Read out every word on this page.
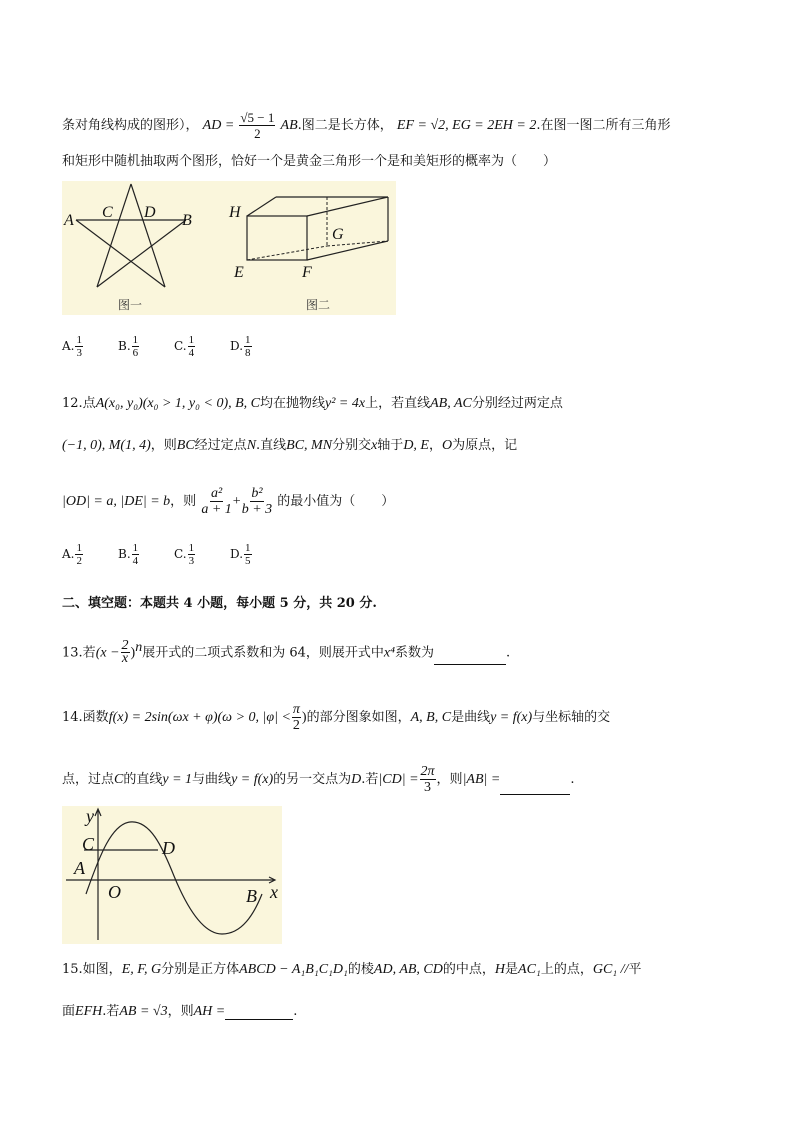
条对角线构成的图形）， AD = $\frac{√5 - 1}{2}$ AB.图二是长方体， EF = √2, EG = 2EH = 2.在图一图二所有三角形
和矩形中随机抽取两个图形，恰好一个是黄金三角形一个是和美矩形的概率为（　　）
A C D B H
G
E	F
图一	图二
A. $\frac{1}{3}$	B. $\frac{1}{6}$	C. $\frac{1}{4}$	D. $\frac{1}{8}$
12.点A(x₀, y₀)(x₀ > 1, y₀ < 0), B, C均在抛物线y² = 4x上，若直线AB, AC分别经过两定点
(−1, 0), M(1, 4)，则BC经过定点N.直线BC, MN分别交x轴于D, E，O为原点，记
|OD| = a, |DE| = b，则 $\frac{\text{a²}}{a + 1} + \frac{\text{b²}}{b + 3}$ 的最小值为（　　）
A. $\frac{1}{2}$	B. $\frac{1}{4}$	C. $\frac{1}{3}$	D. $\frac{1}{5}$
二、填空题：本题共 4 小题，每小题 5 分，共 20 分.
13.若$(x - \frac{2}{x} )^n$展开式的二项式系数和为 64，则展开式中x⁴系数为	.
14.函数f(x) = 2sin(ωx + φ)(ω > 0, $|\varphi| < \frac{\pi}{2}$ )的部分图象如图，A, B, C是曲线y = f(x)与坐标轴的交
点，过点C的直线y = 1与曲线y = f(x)的另一交点为D.若$|CD| = \frac{2\pi}{3}$ ，则|AB| =	.
y
x
C	D
A
O	B
15.如图，E, F, G分别是正方体ABCD − A₁B₁C₁D₁的棱AD, AB, CD的中点，H是AC₁上的点，GC₁ //平
面EFH.若AB = √3，则AH =	.
